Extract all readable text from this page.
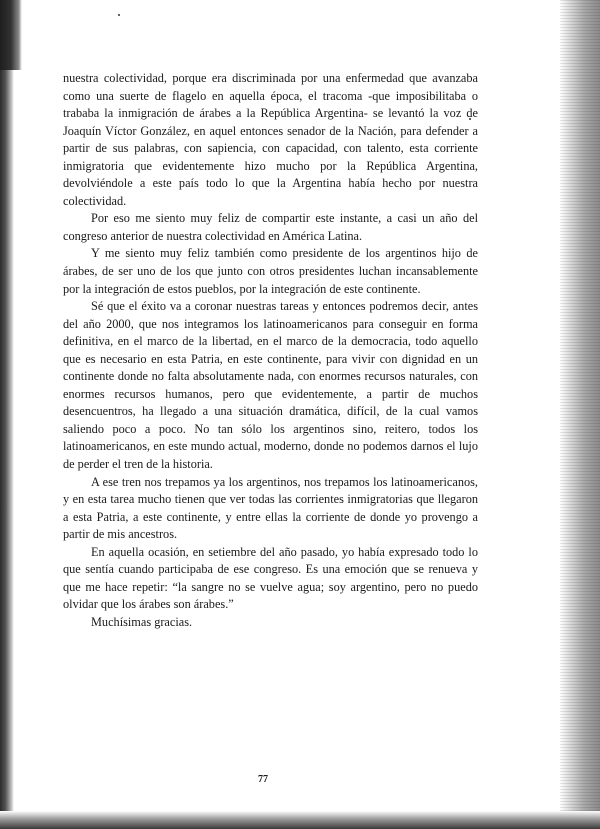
nuestra colectividad, porque era discriminada por una enfermedad que avanzaba como una suerte de flagelo en aquella época, el tracoma -que imposibilitaba o trababa la inmigración de árabes a la República Argentina- se levantó la voz de Joaquín Víctor González, en aquel entonces senador de la Nación, para defender a partir de sus palabras, con sapiencia, con capacidad, con talento, esta corriente inmigratoria que evidentemente hizo mucho por la República Argentina, devolviéndole a este país todo lo que la Argentina había hecho por nuestra colectividad.

Por eso me siento muy feliz de compartir este instante, a casi un año del congreso anterior de nuestra colectividad en América Latina.

Y me siento muy feliz también como presidente de los argentinos hijo de árabes, de ser uno de los que junto con otros presidentes luchan incansablemente por la integración de estos pueblos, por la integración de este continente.

Sé que el éxito va a coronar nuestras tareas y entonces podremos decir, antes del año 2000, que nos integramos los latinoamericanos para conseguir en forma definitiva, en el marco de la libertad, en el marco de la democracia, todo aquello que es necesario en esta Patria, en este continente, para vivir con dignidad en un continente donde no falta absolutamente nada, con enormes recursos naturales, con enormes recursos humanos, pero que evidentemente, a partir de muchos desencuentros, ha llegado a una situación dramática, difícil, de la cual vamos saliendo poco a poco. No tan sólo los argentinos sino, reitero, todos los latinoamericanos, en este mundo actual, moderno, donde no podemos darnos el lujo de perder el tren de la historia.

A ese tren nos trepamos ya los argentinos, nos trepamos los latinoamericanos, y en esta tarea mucho tienen que ver todas las corrientes inmigratorias que llegaron a esta Patria, a este continente, y entre ellas la corriente de donde yo provengo a partir de mis ancestros.

En aquella ocasión, en setiembre del año pasado, yo había expresado todo lo que sentía cuando participaba de ese congreso. Es una emoción que se renueva y que me hace repetir: “la sangre no se vuelve agua; soy argentino, pero no puedo olvidar que los árabes son árabes.”

Muchísimas gracias.

77
